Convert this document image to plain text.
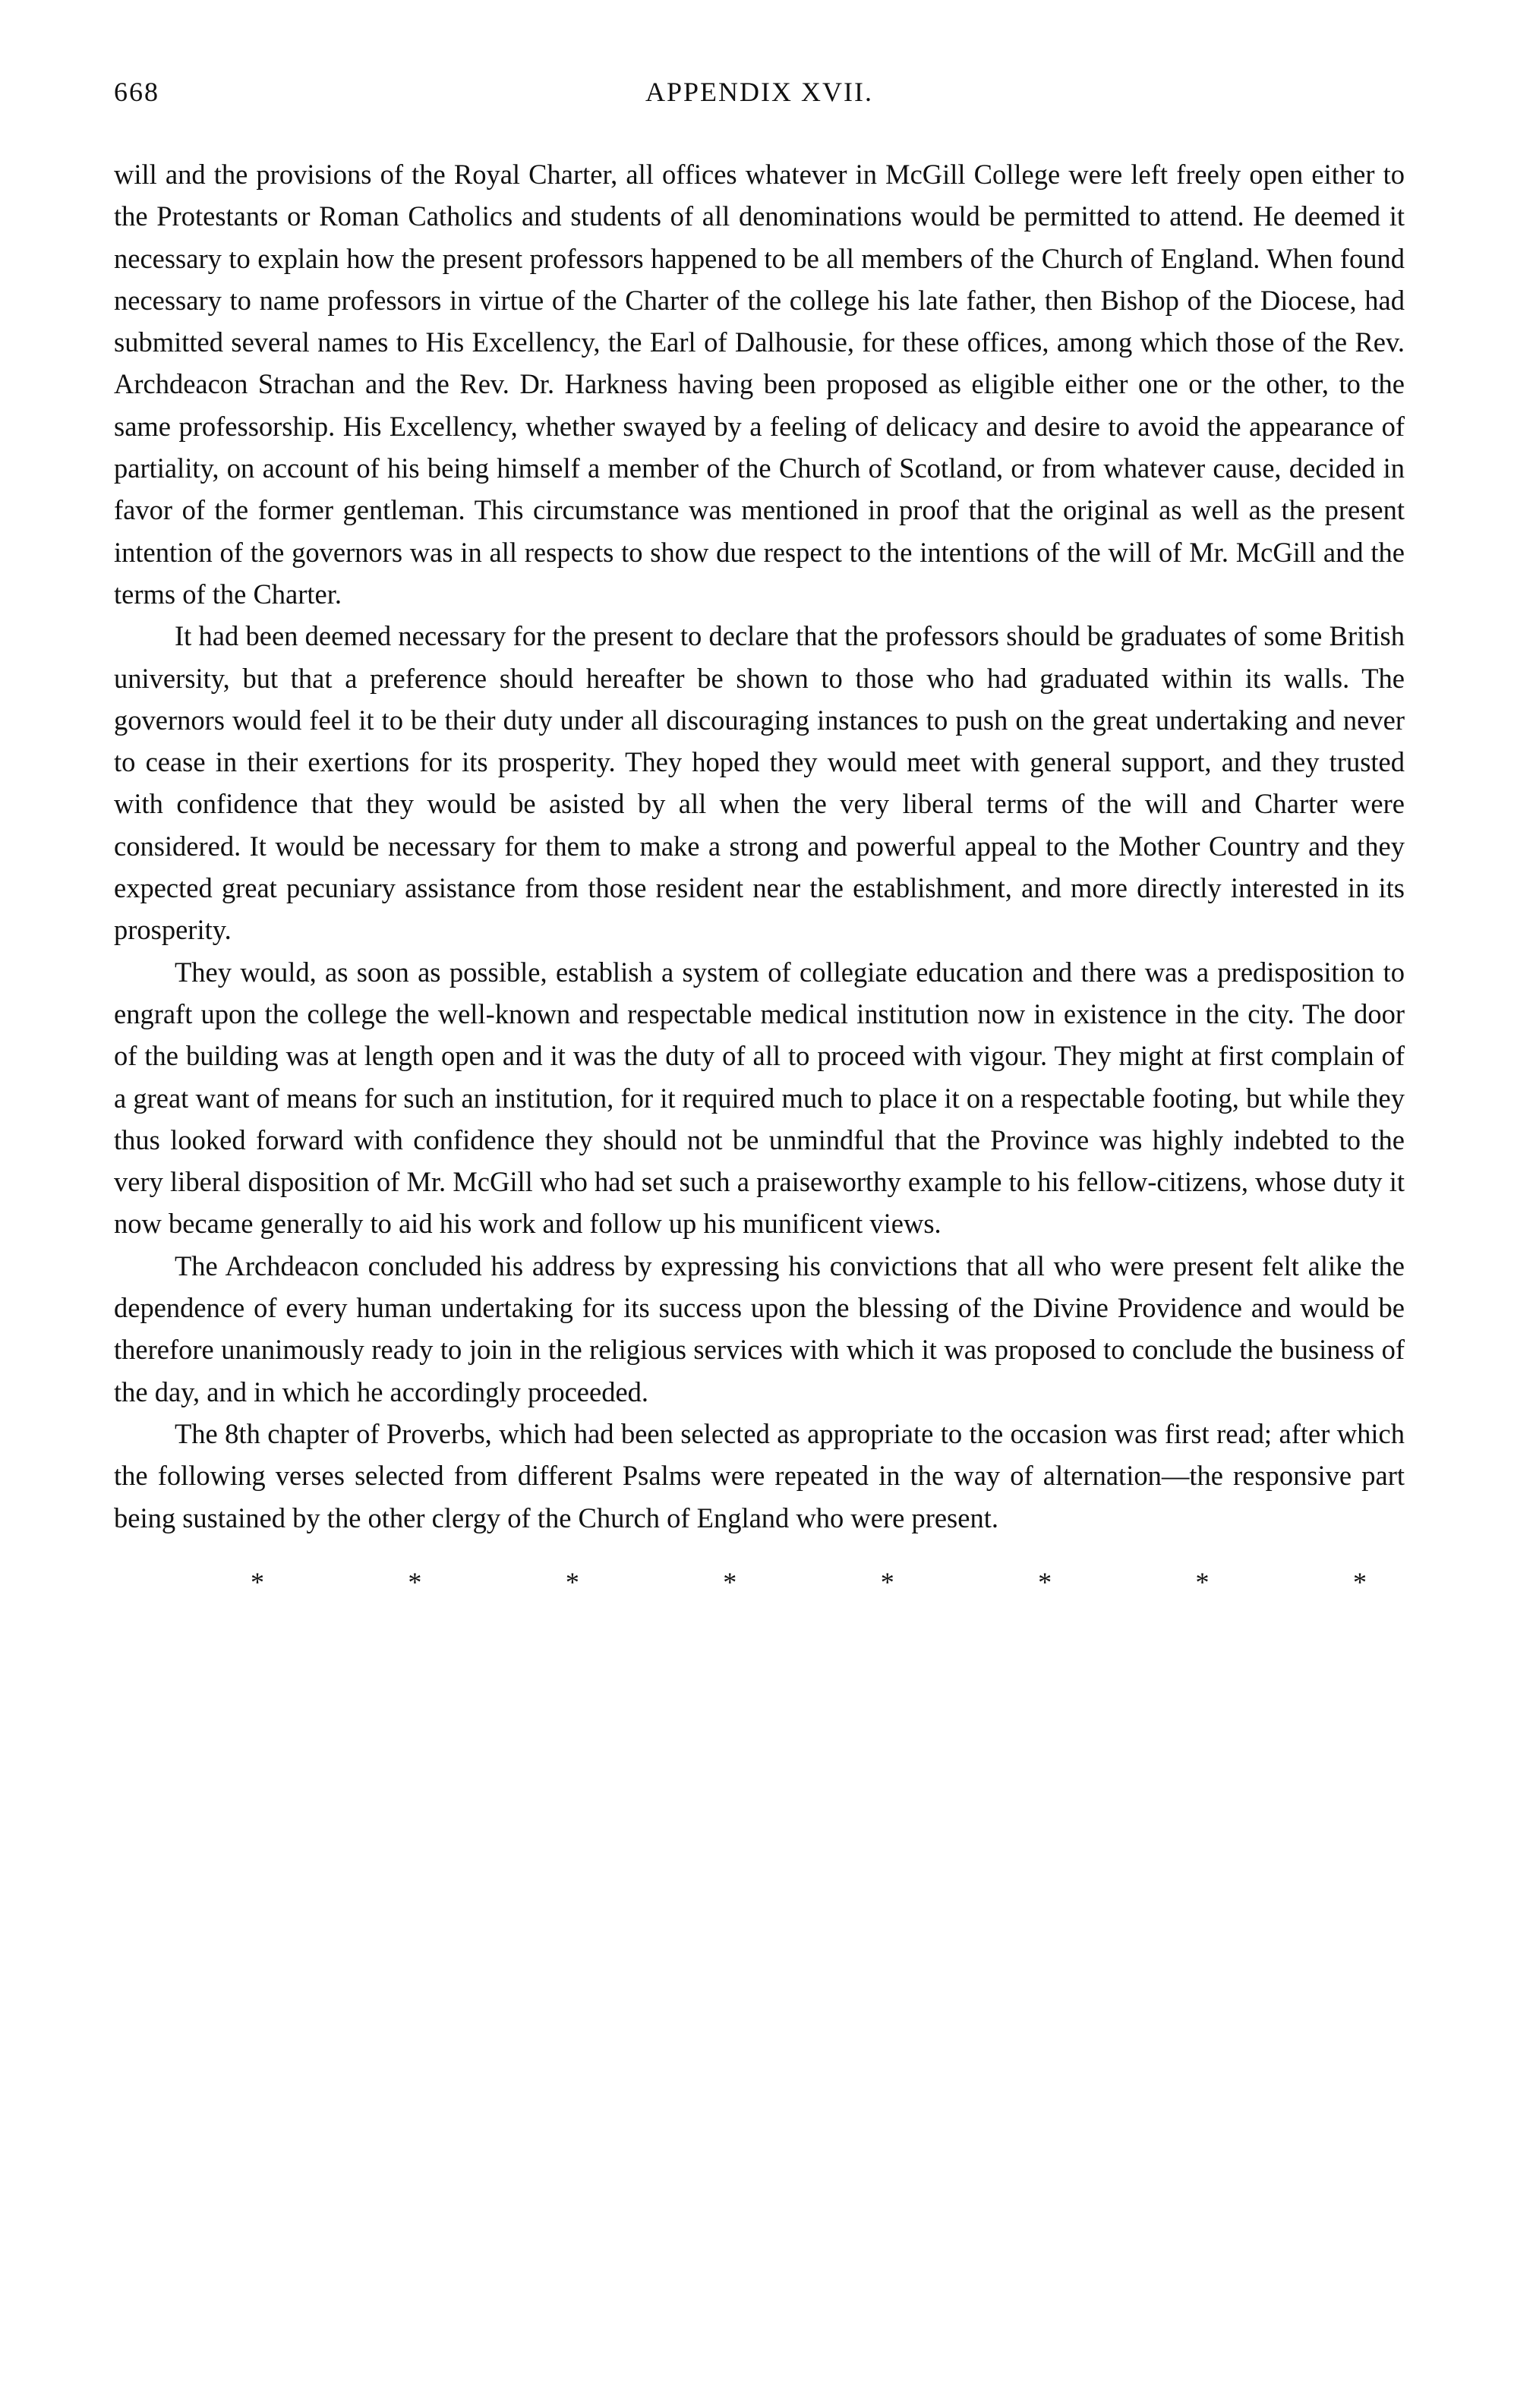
668	APPENDIX XVII.

will and the provisions of the Royal Charter, all offices whatever in McGill College were left freely open either to the Protestants or Roman Catholics and students of all denominations would be permitted to attend. He deemed it necessary to explain how the present professors happened to be all members of the Church of England. When found necessary to name professors in virtue of the Charter of the college his late father, then Bishop of the Diocese, had submitted several names to His Excellency, the Earl of Dalhousie, for these offices, among which those of the Rev. Archdeacon Strachan and the Rev. Dr. Harkness having been proposed as eligible either one or the other, to the same professorship. His Excellency, whether swayed by a feeling of delicacy and desire to avoid the appearance of partiality, on account of his being himself a member of the Church of Scotland, or from whatever cause, decided in favor of the former gentleman. This circumstance was mentioned in proof that the original as well as the present intention of the governors was in all respects to show due respect to the intentions of the will of Mr. McGill and the terms of the Charter.

It had been deemed necessary for the present to declare that the professors should be graduates of some British university, but that a preference should hereafter be shown to those who had graduated within its walls. The governors would feel it to be their duty under all discouraging instances to push on the great undertaking and never to cease in their exertions for its prosperity. They hoped they would meet with general support, and they trusted with confidence that they would be asisted by all when the very liberal terms of the will and Charter were considered. It would be necessary for them to make a strong and powerful appeal to the Mother Country and they expected great pecuniary assistance from those resident near the establishment, and more directly interested in its prosperity.

They would, as soon as possible, establish a system of collegiate education and there was a predisposition to engraft upon the college the well-known and respectable medical institution now in existence in the city. The door of the building was at length open and it was the duty of all to proceed with vigour. They might at first complain of a great want of means for such an institution, for it required much to place it on a respectable footing, but while they thus looked forward with confidence they should not be unmindful that the Province was highly indebted to the very liberal disposition of Mr. McGill who had set such a praiseworthy example to his fellow-citizens, whose duty it now became generally to aid his work and follow up his munificent views.

The Archdeacon concluded his address by expressing his convictions that all who were present felt alike the dependence of every human undertaking for its success upon the blessing of the Divine Providence and would be therefore unanimously ready to join in the religious services with which it was proposed to conclude the business of the day, and in which he accordingly proceeded.

The 8th chapter of Proverbs, which had been selected as appropriate to the occasion was first read; after which the following verses selected from different Psalms were repeated in the way of alternation—the responsive part being sustained by the other clergy of the Church of England who were present.

*	*	*	*	*	*	*	*
